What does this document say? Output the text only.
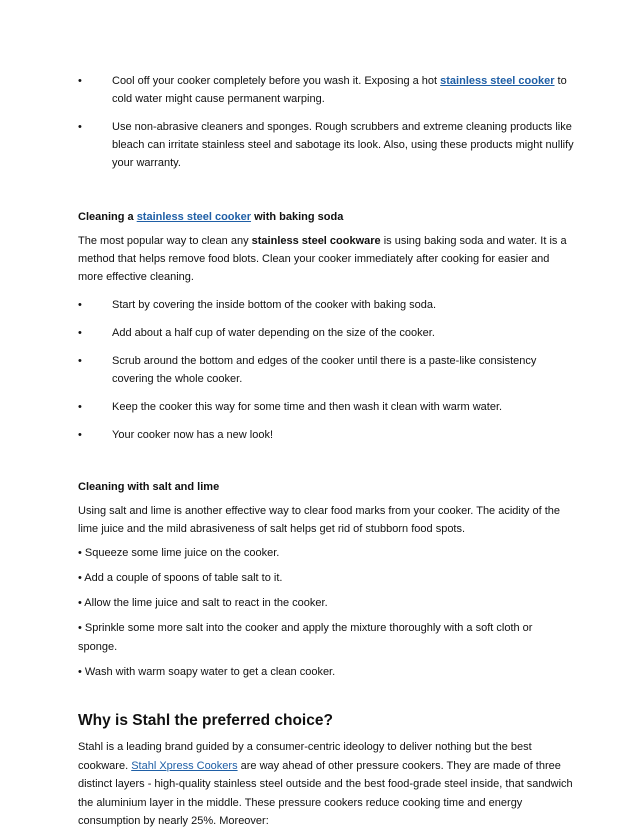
•	Cool off your cooker completely before you wash it. Exposing a hot stainless steel cooker to cold water might cause permanent warping.
•	Use non-abrasive cleaners and sponges. Rough scrubbers and extreme cleaning products like bleach can irritate stainless steel and sabotage its look. Also, using these products might nullify your warranty.
Cleaning a stainless steel cooker with baking soda

The most popular way to clean any stainless steel cookware is using baking soda and water. It is a method that helps remove food blots. Clean your cooker immediately after cooking for easier and more effective cleaning.

•	Start by covering the inside bottom of the cooker with baking soda.
•	Add about a half cup of water depending on the size of the cooker.
•	Scrub around the bottom and edges of the cooker until there is a paste-like consistency covering the whole cooker.
•	Keep the cooker this way for some time and then wash it clean with warm water.
•	Your cooker now has a new look!
Cleaning with salt and lime

Using salt and lime is another effective way to clear food marks from your cooker. The acidity of the lime juice and the mild abrasiveness of salt helps get rid of stubborn food spots.

• Squeeze some lime juice on the cooker.

• Add a couple of spoons of table salt to it.

• Allow the lime juice and salt to react in the cooker.

• Sprinkle some more salt into the cooker and apply the mixture thoroughly with a soft cloth or sponge.

• Wash with warm soapy water to get a clean cooker.

Why is Stahl the preferred choice?

Stahl is a leading brand guided by a consumer-centric ideology to deliver nothing but the best cookware. Stahl Xpress Cookers are way ahead of other pressure cookers. They are made of three distinct layers - high-quality stainless steel outside and the best food-grade steel inside, that sandwich the aluminium layer in the middle. These pressure cookers reduce cooking time and energy consumption by nearly 25%. Moreover:
